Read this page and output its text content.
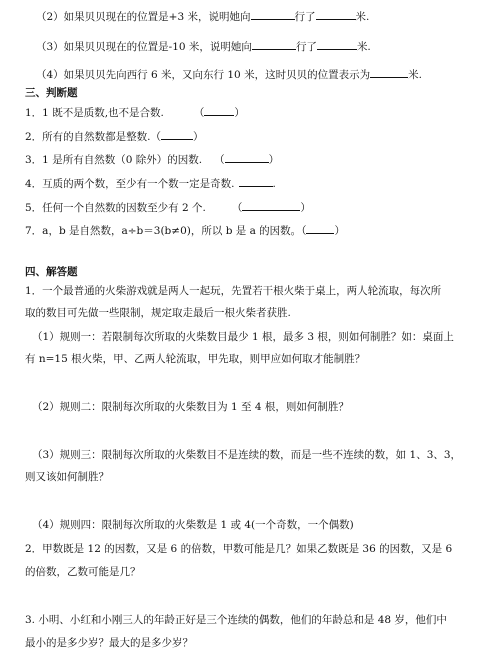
（2）如果贝贝现在的位置是+3 米，说明她向	行了	米.
（3）如果贝贝现在的位置是-10 米，说明她向	行了	米.
（4）如果贝贝先向西行 6 米，又向东行 10 米，这时贝贝的位置表示为	米.
三、判断题
1．1 既不是质数,也不是合数.	（	）
2．所有的自然数都是整数.（	）
3．1 是所有自然数（0 除外）的因数. （	）
4．互质的两个数，至少有一个数一定是奇数.	.
5．任何一个自然数的因数至少有 2 个. （	）
7．a，b 是自然数，a÷b＝3(b≠0)，所以 b 是 a 的因数。（	）
四、解答题
1．一个最普通的火柴游戏就是两人一起玩，先置若干根火柴于桌上，两人轮流取，每次所
取的数目可先做一些限制，规定取走最后一根火柴者获胜.
（1）规则一：若限制每次所取的火柴数目最少 1 根，最多 3 根，则如何制胜？如：桌面上
有 n=15 根火柴，甲、乙两人轮流取，甲先取，则甲应如何取才能制胜？
（2）规则二：限制每次所取的火柴数目为 1 至 4 根，则如何制胜？
（3）规则三：限制每次所取的火柴数目不是连续的数，而是一些不连续的数，如 1、3、3，
则又该如何制胜？
（4）规则四：限制每次所取的火柴数是 1 或 4(一个奇数，一个偶数)
2．甲数既是 12 的因数，又是 6 的倍数，甲数可能是几？如果乙数既是 36 的因数，又是 6
的倍数，乙数可能是几？
3. 小明、小红和小刚三人的年龄正好是三个连续的偶数，他们的年龄总和是 48 岁，他们中
最小的是多少岁？最大的是多少岁？
